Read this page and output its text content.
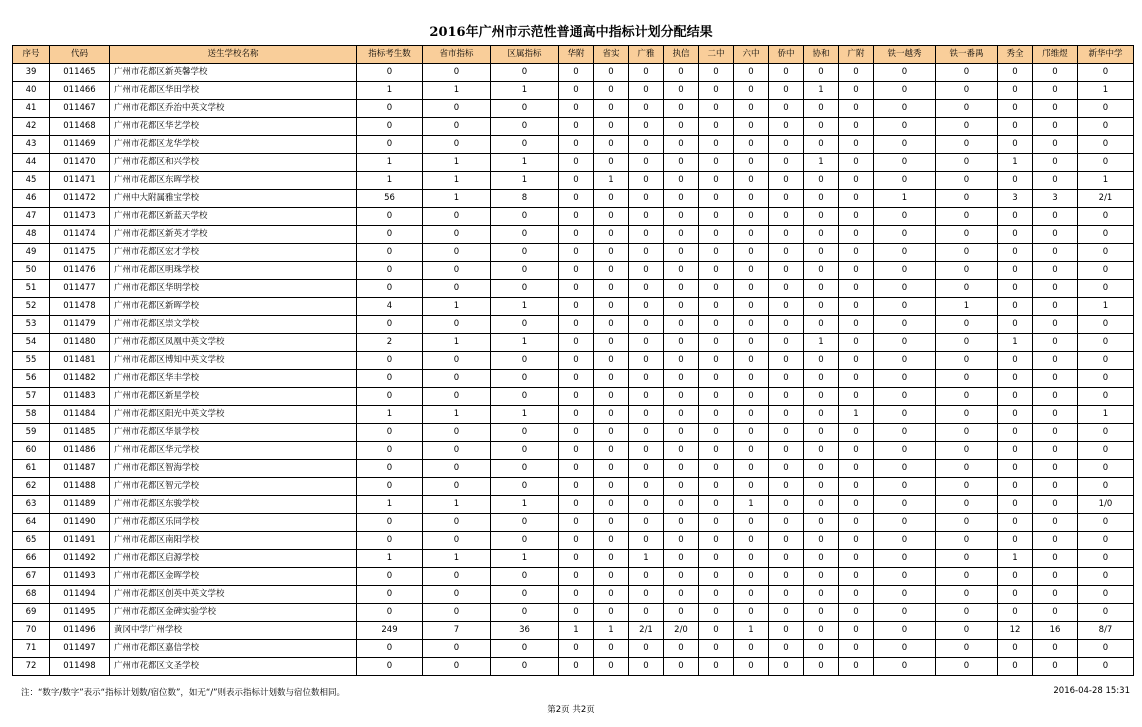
2016年广州市示范性普通高中指标计划分配结果
序号	代码	送生学校名称	指标考生数	省市指标	区属指标	华附	省实	广雅	执信	二中	六中	侨中	协和	广附	铁一越秀	铁一番禺	秀全	邝维煜	新华中学
39	011465	广州市花都区新英馨学校	0	0	0	0	0	0	0	0	0	0	0	0	0	0	0	0	0
40	011466	广州市花都区华田学校	1	1	1	0	0	0	0	0	0	0	1	0	0	0	0	0	1
41	011467	广州市花都区乔治中英文学校	0	0	0	0	0	0	0	0	0	0	0	0	0	0	0	0	0
42	011468	广州市花都区华艺学校	0	0	0	0	0	0	0	0	0	0	0	0	0	0	0	0	0
43	011469	广州市花都区龙华学校	0	0	0	0	0	0	0	0	0	0	0	0	0	0	0	0	0
44	011470	广州市花都区和兴学校	1	1	1	0	0	0	0	0	0	0	1	0	0	0	1	0	0
45	011471	广州市花都区东晖学校	1	1	1	0	1	0	0	0	0	0	0	0	0	0	0	0	1
46	011472	广州中大附属雅宝学校	56	1	8	0	0	0	0	0	0	0	0	0	1	0	3	3	2/1
47	011473	广州市花都区新蓝天学校	0	0	0	0	0	0	0	0	0	0	0	0	0	0	0	0	0
48	011474	广州市花都区新英才学校	0	0	0	0	0	0	0	0	0	0	0	0	0	0	0	0	0
49	011475	广州市花都区宏才学校	0	0	0	0	0	0	0	0	0	0	0	0	0	0	0	0	0
50	011476	广州市花都区明珠学校	0	0	0	0	0	0	0	0	0	0	0	0	0	0	0	0	0
51	011477	广州市花都区华明学校	0	0	0	0	0	0	0	0	0	0	0	0	0	0	0	0	0
52	011478	广州市花都区新晖学校	4	1	1	0	0	0	0	0	0	0	0	0	0	1	0	0	1
53	011479	广州市花都区崇文学校	0	0	0	0	0	0	0	0	0	0	0	0	0	0	0	0	0
54	011480	广州市花都区凤凰中英文学校	2	1	1	0	0	0	0	0	0	0	1	0	0	0	1	0	0
55	011481	广州市花都区博知中英文学校	0	0	0	0	0	0	0	0	0	0	0	0	0	0	0	0	0
56	011482	广州市花都区华丰学校	0	0	0	0	0	0	0	0	0	0	0	0	0	0	0	0	0
57	011483	广州市花都区新星学校	0	0	0	0	0	0	0	0	0	0	0	0	0	0	0	0	0
58	011484	广州市花都区阳光中英文学校	1	1	1	0	0	0	0	0	0	0	0	1	0	0	0	0	1
59	011485	广州市花都区华景学校	0	0	0	0	0	0	0	0	0	0	0	0	0	0	0	0	0
60	011486	广州市花都区华元学校	0	0	0	0	0	0	0	0	0	0	0	0	0	0	0	0	0
61	011487	广州市花都区智海学校	0	0	0	0	0	0	0	0	0	0	0	0	0	0	0	0	0
62	011488	广州市花都区智元学校	0	0	0	0	0	0	0	0	0	0	0	0	0	0	0	0	0
63	011489	广州市花都区东骏学校	1	1	1	0	0	0	0	0	1	0	0	0	0	0	0	0	1/0
64	011490	广州市花都区乐同学校	0	0	0	0	0	0	0	0	0	0	0	0	0	0	0	0	0
65	011491	广州市花都区南阳学校	0	0	0	0	0	0	0	0	0	0	0	0	0	0	0	0	0
66	011492	广州市花都区启源学校	1	1	1	0	0	1	0	0	0	0	0	0	0	0	1	0	0
67	011493	广州市花都区金晖学校	0	0	0	0	0	0	0	0	0	0	0	0	0	0	0	0	0
68	011494	广州市花都区创英中英文学校	0	0	0	0	0	0	0	0	0	0	0	0	0	0	0	0	0
69	011495	广州市花都区金碑实验学校	0	0	0	0	0	0	0	0	0	0	0	0	0	0	0	0	0
70	011496	黄冈中学广州学校	249	7	36	1	1	2/1	2/0	0	1	0	0	0	0	0	12	16	8/7
71	011497	广州市花都区嘉信学校	0	0	0	0	0	0	0	0	0	0	0	0	0	0	0	0	0
72	011498	广州市花都区文圣学校	0	0	0	0	0	0	0	0	0	0	0	0	0	0	0	0	0
注：“数字/数字”表示“指标计划数/宿位数”，如无“/”则表示指标计划数与宿位数相同。	2016-04-28 15:31
第2页 共2页
